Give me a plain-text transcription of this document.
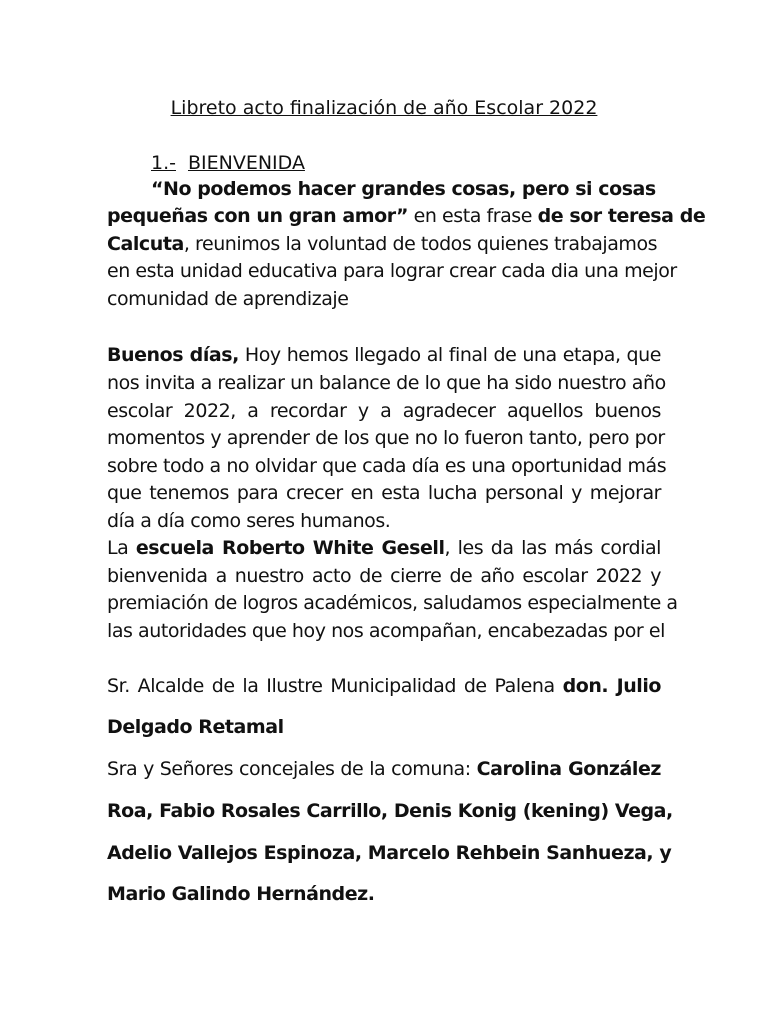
Libreto acto finalización de año Escolar 2022
1.- BIENVENIDA
“No podemos hacer grandes cosas, pero si cosas
pequeñas con un gran amor” en esta frase de sor teresa de
Calcuta, reunimos la voluntad de todos quienes trabajamos
en esta unidad educativa para lograr crear cada dia una mejor
comunidad de aprendizaje
Buenos días, Hoy hemos llegado al final de una etapa, que
nos invita a realizar un balance de lo que ha sido nuestro año
escolar 2022, a recordar y a agradecer aquellos buenos
momentos y aprender de los que no lo fueron tanto, pero por
sobre todo a no olvidar que cada día es una oportunidad más
que tenemos para crecer en esta lucha personal y mejorar
día a día como seres humanos.
La escuela Roberto White Gesell, les da las más cordial
bienvenida a nuestro acto de cierre de año escolar 2022 y
premiación de logros académicos, saludamos especialmente a
las autoridades que hoy nos acompañan, encabezadas por el
Sr. Alcalde de la Ilustre Municipalidad de Palena don. Julio
Delgado Retamal
Sra y Señores concejales de la comuna: Carolina González
Roa, Fabio Rosales Carrillo, Denis Konig (kening) Vega,
Adelio Vallejos Espinoza, Marcelo Rehbein Sanhueza, y
Mario Galindo Hernández.
